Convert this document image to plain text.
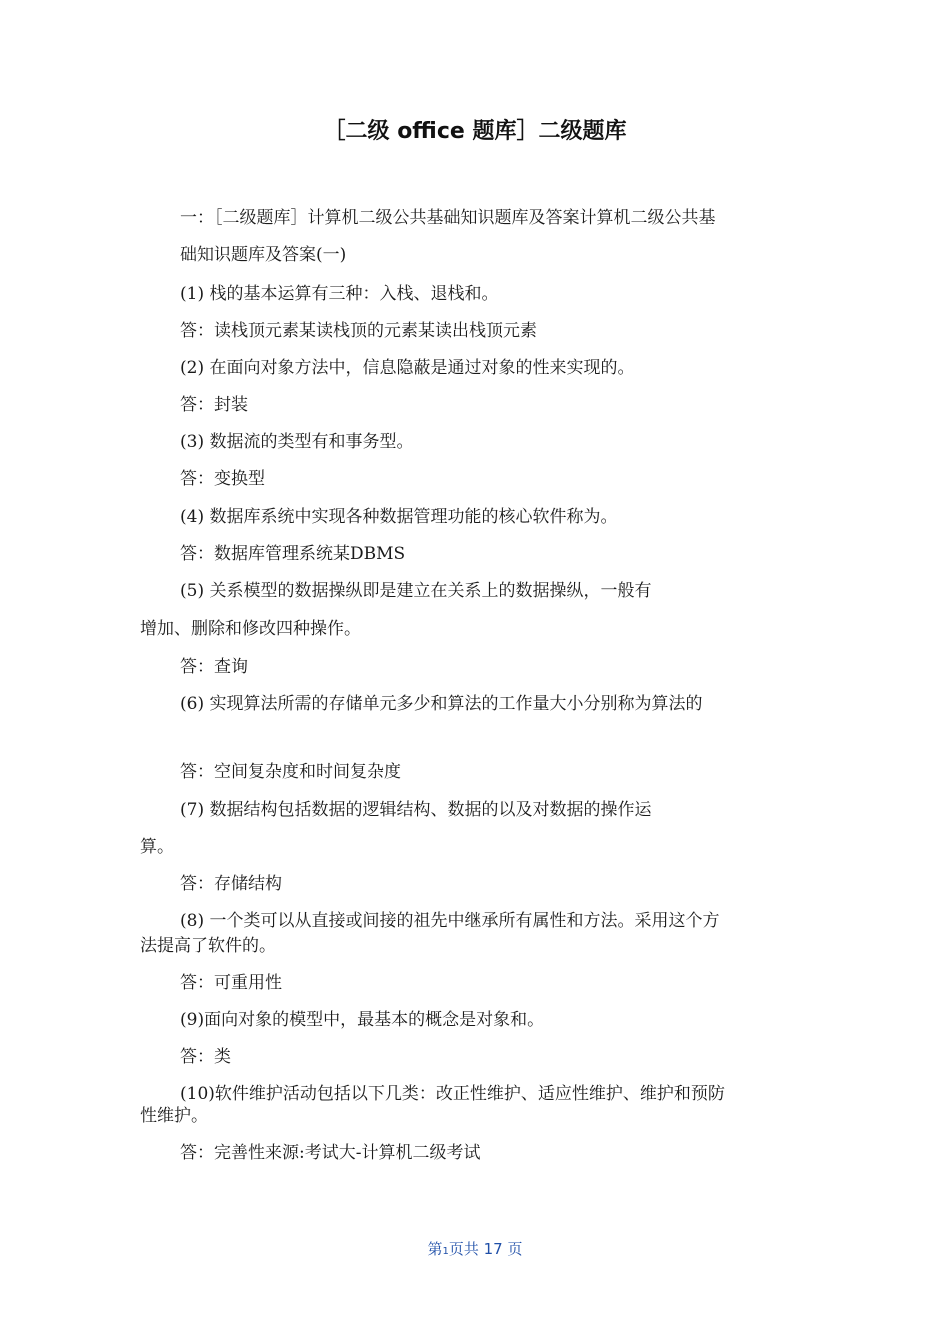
［二级 office 题库］二级题库
一：［二级题库］计算机二级公共基础知识题库及答案计算机二级公共基
础知识题库及答案(一)
(1) 栈的基本运算有三种：入栈、退栈和。
答：读栈顶元素某读栈顶的元素某读出栈顶元素
(2) 在面向对象方法中，信息隐蔽是通过对象的性来实现的。
答：封装
(3) 数据流的类型有和事务型。
答：变换型
(4) 数据库系统中实现各种数据管理功能的核心软件称为。
答：数据库管理系统某DBMS
(5) 关系模型的数据操纵即是建立在关系上的数据操纵，一般有
增加、删除和修改四种操作。
答：查询
(6) 实现算法所需的存储单元多少和算法的工作量大小分别称为算法的
答：空间复杂度和时间复杂度
(7) 数据结构包括数据的逻辑结构、数据的以及对数据的操作运
算。
答：存储结构
(8) 一个类可以从直接或间接的祖先中继承所有属性和方法。采用这个方
法提高了软件的。
答：可重用性
(9)面向对象的模型中，最基本的概念是对象和。
答：类
(10)软件维护活动包括以下几类：改正性维护、适应性维护、维护和预防
性维护。
答：完善性来源:考试大-计算机二级考试
第1页共 17 页
